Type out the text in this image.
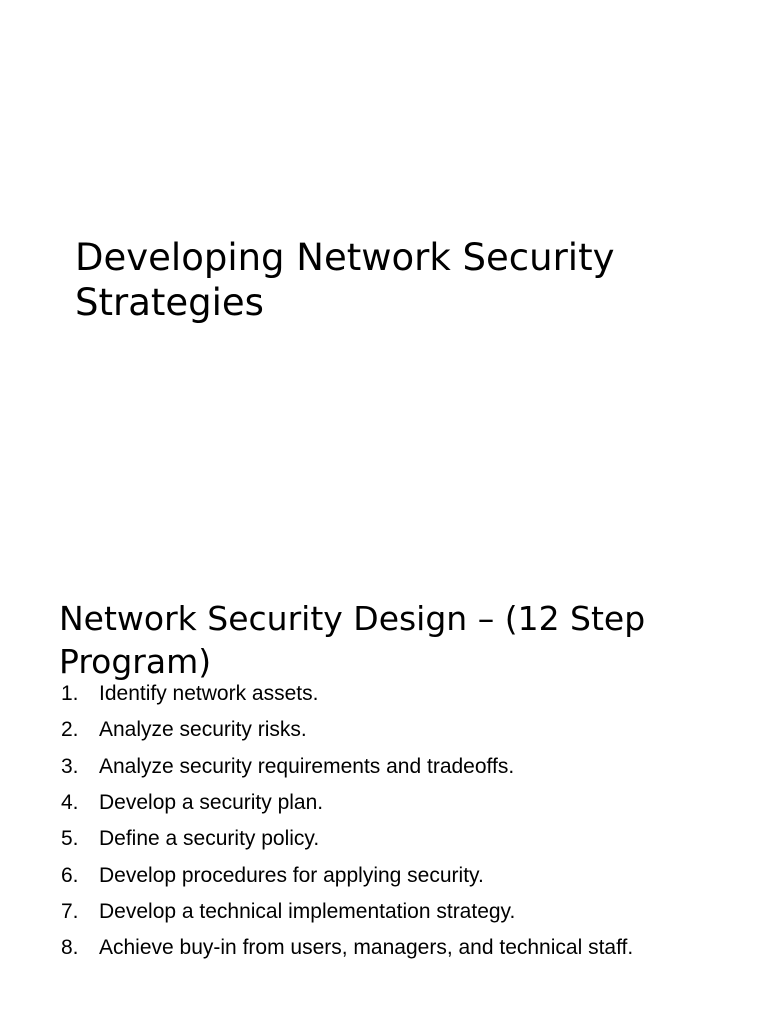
Developing Network Security Strategies
Network Security Design – (12 Step Program)
1. Identify network assets.
2. Analyze security risks.
3. Analyze security requirements and tradeoffs.
4. Develop a security plan.
5. Define a security policy.
6. Develop procedures for applying security.
7. Develop a technical implementation strategy.
8. Achieve buy-in from users, managers, and technical staff.
